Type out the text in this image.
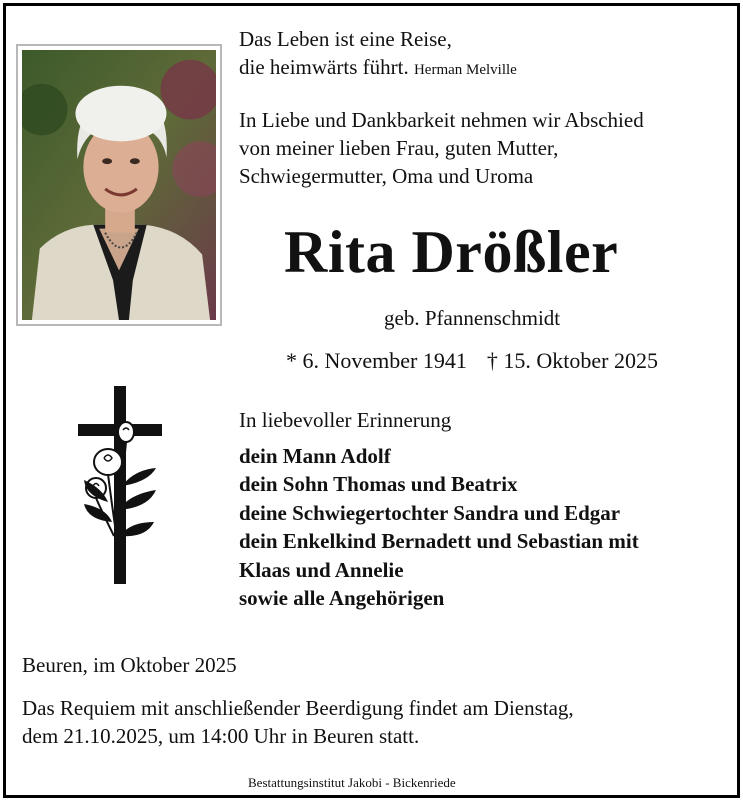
Das Leben ist eine Reise,
die heimwärts führt. Herman Melville
In Liebe und Dankbarkeit nehmen wir Abschied
von meiner lieben Frau, guten Mutter,
Schwiegermutter, Oma und Uroma
Rita Drößler
geb. Pfannenschmidt
* 6. November 1941 † 15. Oktober 2025
In liebevoller Erinnerung
dein Mann Adolf
dein Sohn Thomas und Beatrix
deine Schwiegertochter Sandra und Edgar
dein Enkelkind Bernadett und Sebastian mit
Klaas und Annelie
sowie alle Angehörigen
Beuren, im Oktober 2025
Das Requiem mit anschließender Beerdigung findet am Dienstag,
dem 21.10.2025, um 14:00 Uhr in Beuren statt.
Bestattungsinstitut Jakobi - Bickenriede
